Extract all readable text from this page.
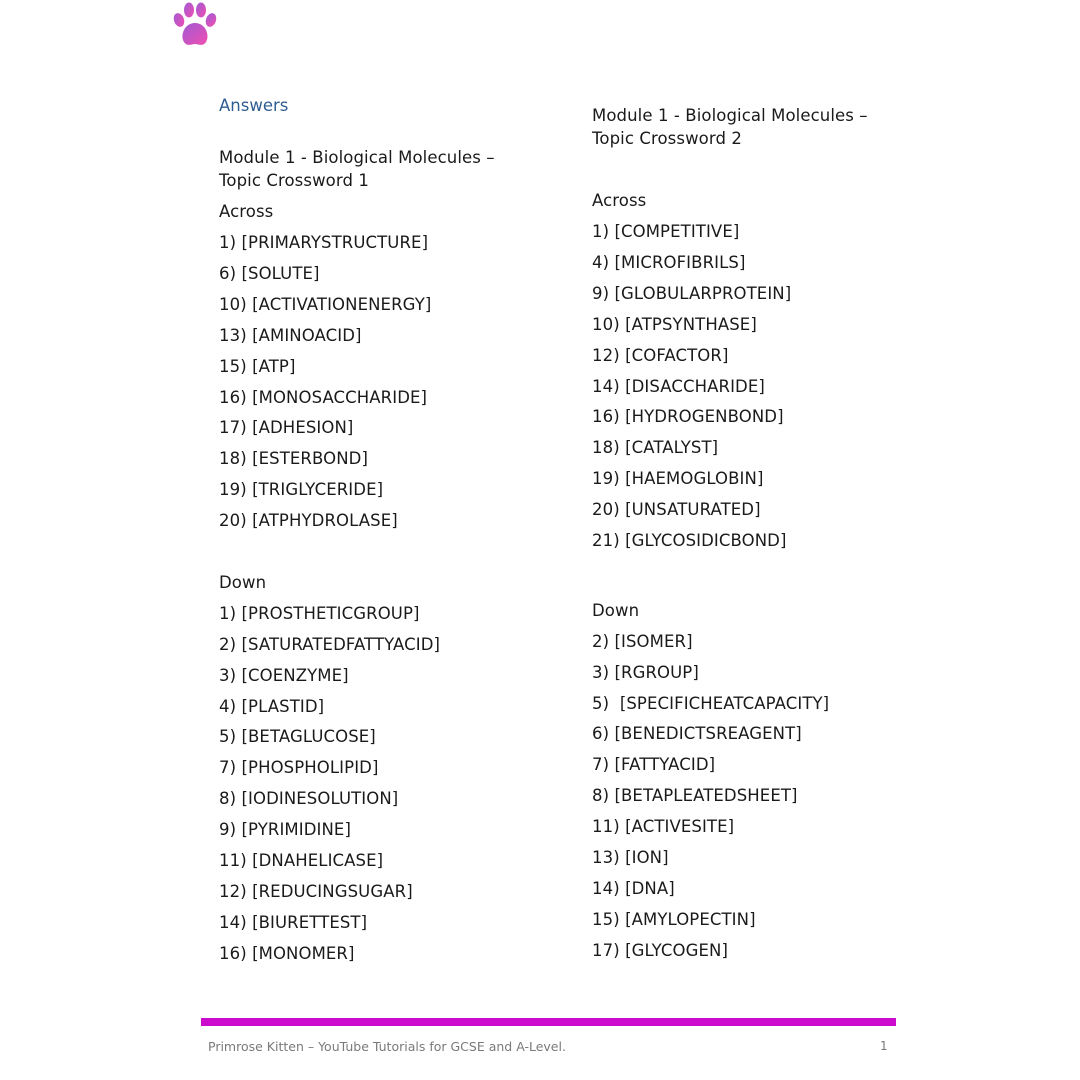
Answers
Module 1 - Biological Molecules –
Topic Crossword 1
Across
1) [PRIMARYSTRUCTURE]
6) [SOLUTE]
10) [ACTIVATIONENERGY]
13) [AMINOACID]
15) [ATP]
16) [MONOSACCHARIDE]
17) [ADHESION]
18) [ESTERBOND]
19) [TRIGLYCERIDE]
20) [ATPHYDROLASE]
Down
1) [PROSTHETICGROUP]
2) [SATURATEDFATTYACID]
3) [COENZYME]
4) [PLASTID]
5) [BETAGLUCOSE]
7) [PHOSPHOLIPID]
8) [IODINESOLUTION]
9) [PYRIMIDINE]
11) [DNAHELICASE]
12) [REDUCINGSUGAR]
14) [BIURETTEST]
16) [MONOMER]
Module 1 - Biological Molecules –
Topic Crossword 2
Across
1) [COMPETITIVE]
4) [MICROFIBRILS]
9) [GLOBULARPROTEIN]
10) [ATPSYNTHASE]
12) [COFACTOR]
14) [DISACCHARIDE]
16) [HYDROGENBOND]
18) [CATALYST]
19) [HAEMOGLOBIN]
20) [UNSATURATED]
21) [GLYCOSIDICBOND]
Down
2) [ISOMER]
3) [RGROUP]
5)  [SPECIFICHEATCAPACITY]
6) [BENEDICTSREAGENT]
7) [FATTYACID]
8) [BETAPLEATEDSHEET]
11) [ACTIVESITE]
13) [ION]
14) [DNA]
15) [AMYLOPECTIN]
17) [GLYCOGEN]
Primrose Kitten – YouTube Tutorials for GCSE and A-Level.	1
